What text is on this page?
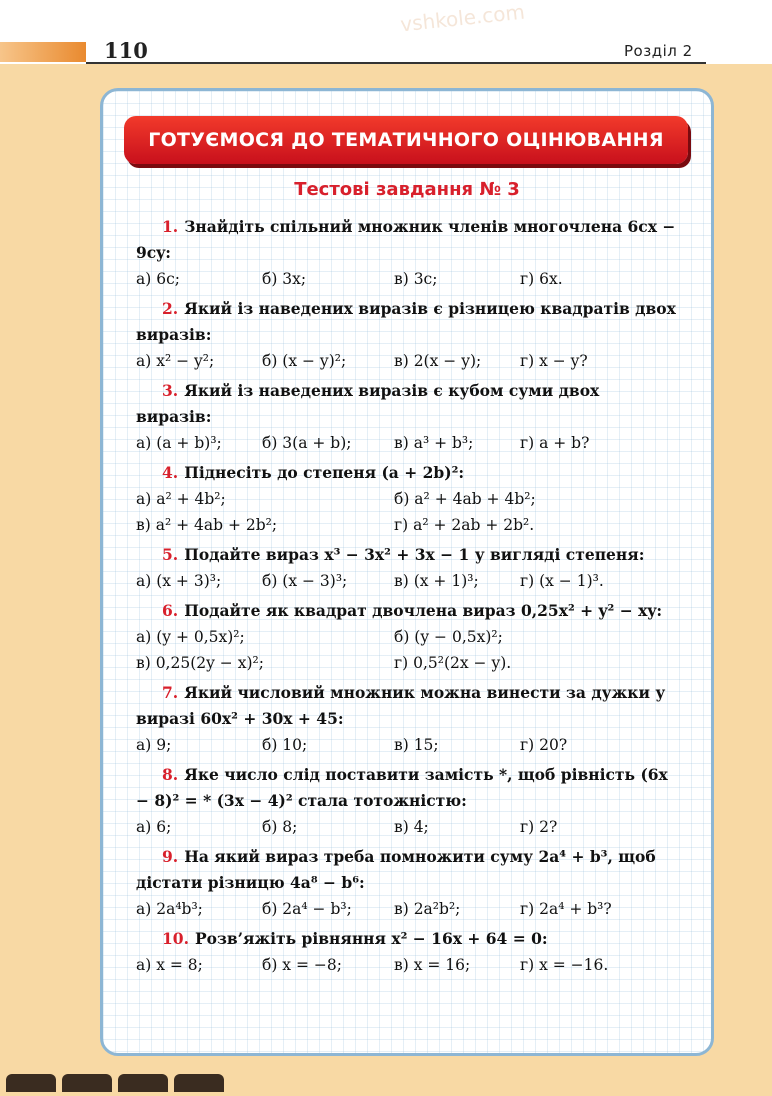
110	Розділ 2
vshkole.com
ГОТУЄМОСЯ ДО ТЕМАТИЧНОГО ОЦІНЮВАННЯ
Тестові завдання № 3
1. Знайдіть спільний множник членів многочлена 6cx − 9cy:
а) 6c;	б) 3x;	в) 3c;	г) 6x.
2. Який із наведених виразів є різницею квадратів двох виразів:
а) x² − y²;	б) (x − y)²;	в) 2(x − y);	г) x − y?
3. Який із наведених виразів є кубом суми двох виразів:
а) (a + b)³;	б) 3(a + b);	в) a³ + b³;	г) a + b?
4. Піднесіть до степеня (a + 2b)²:
а) a² + 4b²;	б) a² + 4ab + 4b²;
в) a² + 4ab + 2b²;	г) a² + 2ab + 2b².
5. Подайте вираз x³ − 3x² + 3x − 1 у вигляді степеня:
а) (x + 3)³;	б) (x − 3)³;	в) (x + 1)³;	г) (x − 1)³.
6. Подайте як квадрат двочлена вираз 0,25x² + y² − xy:
а) (y + 0,5x)²;	б) (y − 0,5x)²;
в) 0,25(2y − x)²;	г) 0,5²(2x − y).
7. Який числовий множник можна винести за дужки у виразі 60x² + 30x + 45:
а) 9;	б) 10;	в) 15;	г) 20?
8. Яке число слід поставити замість *, щоб рівність (6x − 8)² = * (3x − 4)² стала тотожністю:
а) 6;	б) 8;	в) 4;	г) 2?
9. На який вираз треба помножити суму 2a⁴ + b³, щоб дістати різницю 4a⁸ − b⁶:
а) 2a⁴b³;	б) 2a⁴ − b³;	в) 2a²b²;	г) 2a⁴ + b³?
10. Розв’яжіть рівняння x² − 16x + 64 = 0:
а) x = 8;	б) x = −8;	в) x = 16;	г) x = −16.
